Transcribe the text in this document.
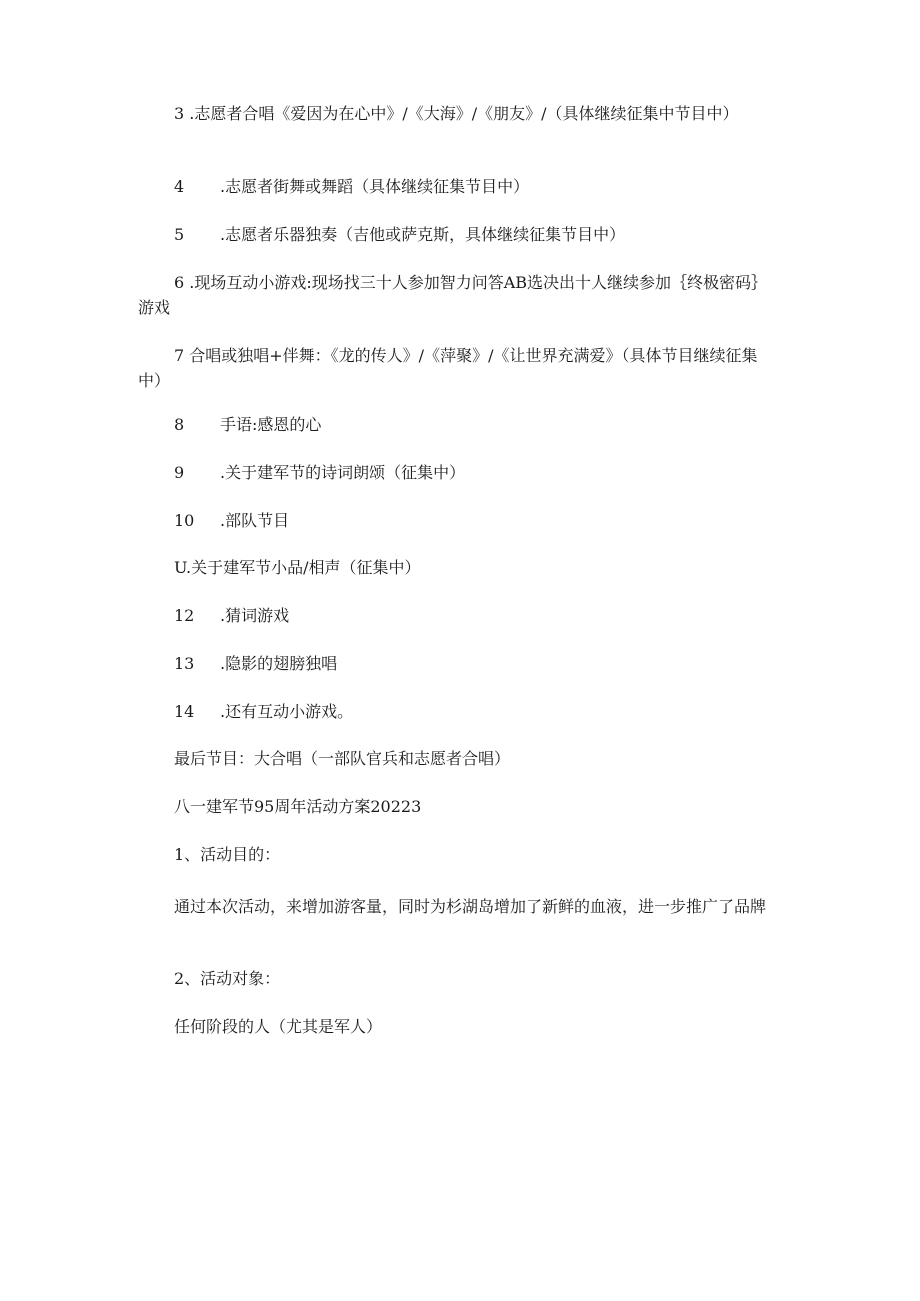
3 .志愿者合唱《爱因为在心中》/《大海》/《朋友》/（具体继续征集中节目中）

4 .志愿者街舞或舞蹈（具体继续征集节目中）

5 .志愿者乐器独奏（吉他或萨克斯，具体继续征集节目中）

6 .现场互动小游戏:现场找三十人参加智力问答AB选决出十人继续参加｛终极密码｝游戏

7 合唱或独唱+伴舞：《龙的传人》/《萍聚》/《让世界充满爱》（具体节目继续征集中）

8 手语:感恩的心

9 .关于建军节的诗词朗颂（征集中）

10 .部队节目

U.关于建军节小品/相声（征集中）

12 .猜词游戏

13 .隐影的翅膀独唱

14 .还有互动小游戏。

最后节目：大合唱（一部队官兵和志愿者合唱）

八一建军节95周年活动方案20223

1、活动目的：

通过本次活动，来增加游客量，同时为杉湖岛增加了新鲜的血液，进一步推广了品牌

2、活动对象：

任何阶段的人（尤其是军人）
